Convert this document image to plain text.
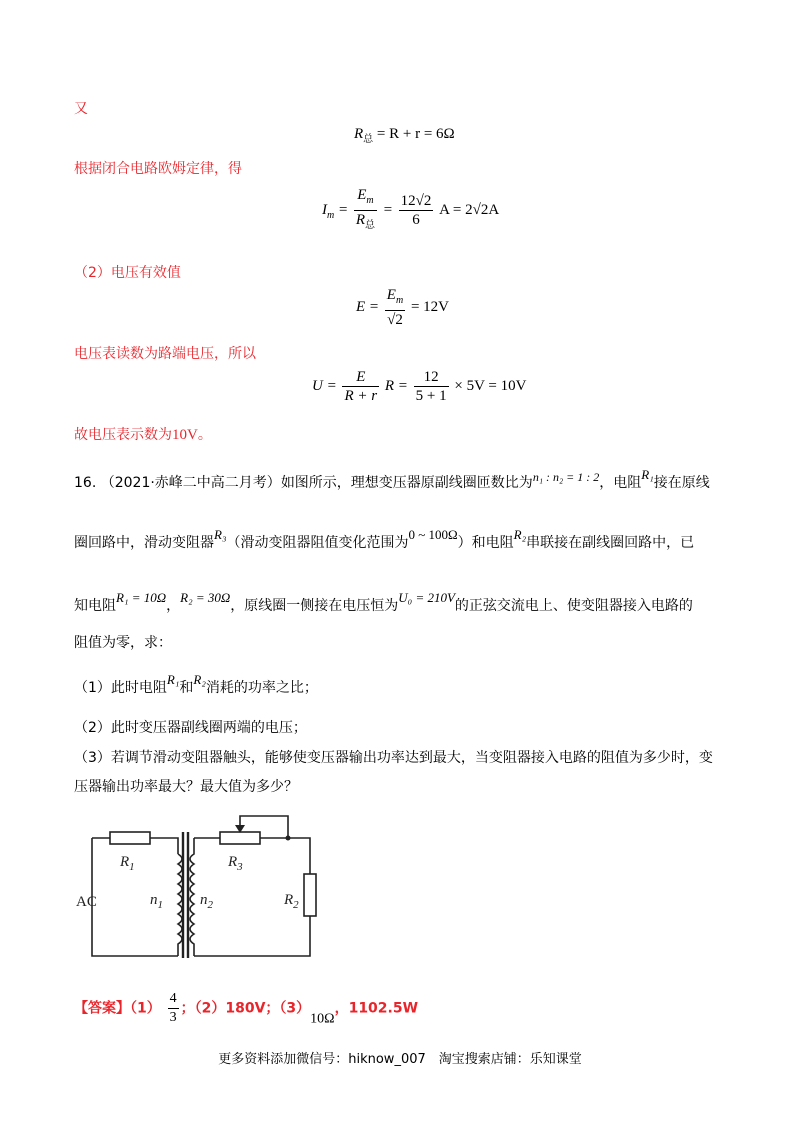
又
$R_总 = R + r = 6\Omega$
根据闭合电路欧姆定律，得
$I_m = \frac{E_m}{R_总} = \frac{12√2}{6}$ A = 2√2A
（2）电压有效值
$E = \frac{E_m}{√2} = 12V$
电压表读数为路端电压，所以
$U = \frac{E}{R + r}$ $R = \frac{12}{5 + 1} \times 5V = 10V$
故电压表示数为10V。
16. （2021·赤峰二中高二月考）如图所示，理想变压器原副线圈匝数比为n₁ : n₂ = 1 : 2，电阻R₁接在原线
圈回路中，滑动变阻器R₃（滑动变阻器阻值变化范围为0 ~ 100Ω）和电阻R₂串联接在副线圈回路中，已
知电阻R₁ = 10Ω，R₂ = 30Ω，原线圈一侧接在电压恒为U₀ = 210V的正弦交流电上、使变阻器接入电路的
阻值为零，求：
（1）此时电阻R₁和R₂消耗的功率之比；
（2）此时变压器副线圈两端的电压；
（3）若调节滑动变阻器触头，能够使变压器输出功率达到最大，当变阻器接入电路的阻值为多少时，变
压器输出功率最大？最大值为多少？
AC
$R_1$
$n_1$ $n_2$
$R_3$
$R_2$
【答案】$(1) \frac{4}{3}$ ；（2）180V；（3）10Ω，1102.5W
更多资料添加微信号：hiknow_007　淘宝搜索店铺：乐知课堂
